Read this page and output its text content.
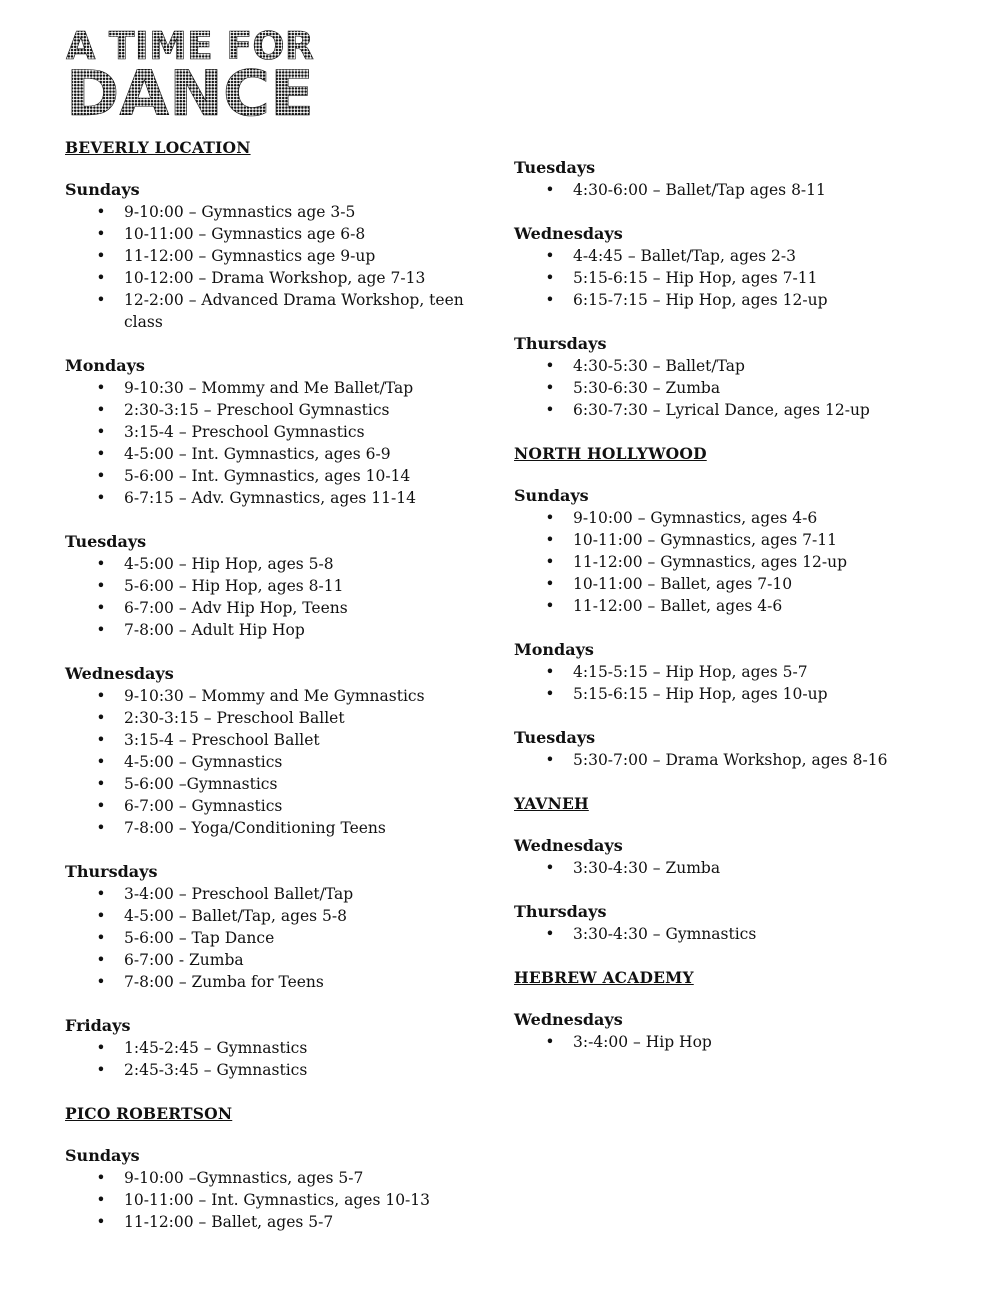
A TIME FOR
DANCE
BEVERLY LOCATION
Sundays
• 9-10:00 – Gymnastics age 3-5
• 10-11:00 – Gymnastics age 6-8
• 11-12:00 – Gymnastics age 9-up
• 10-12:00 – Drama Workshop, age 7-13
• 12-2:00 – Advanced Drama Workshop, teen class
Mondays
• 9-10:30 – Mommy and Me Ballet/Tap
• 2:30-3:15 – Preschool Gymnastics
• 3:15-4 – Preschool Gymnastics
• 4-5:00 – Int. Gymnastics, ages 6-9
• 5-6:00 – Int. Gymnastics, ages 10-14
• 6-7:15 – Adv. Gymnastics, ages 11-14
Tuesdays
• 4-5:00 – Hip Hop, ages 5-8
• 5-6:00 – Hip Hop, ages 8-11
• 6-7:00 – Adv Hip Hop, Teens
• 7-8:00 – Adult Hip Hop
Wednesdays
• 9-10:30 – Mommy and Me Gymnastics
• 2:30-3:15 – Preschool Ballet
• 3:15-4 – Preschool Ballet
• 4-5:00 – Gymnastics
• 5-6:00 –Gymnastics
• 6-7:00 – Gymnastics
• 7-8:00 – Yoga/Conditioning Teens
Thursdays
• 3-4:00 – Preschool Ballet/Tap
• 4-5:00 – Ballet/Tap, ages 5-8
• 5-6:00 – Tap Dance
• 6-7:00 - Zumba
• 7-8:00 – Zumba for Teens
Fridays
• 1:45-2:45 – Gymnastics
• 2:45-3:45 – Gymnastics
PICO ROBERTSON
Sundays
• 9-10:00 –Gymnastics, ages 5-7
• 10-11:00 – Int. Gymnastics, ages 10-13
• 11-12:00 – Ballet, ages 5-7
Tuesdays
• 4:30-6:00 – Ballet/Tap ages 8-11
Wednesdays
• 4-4:45 – Ballet/Tap, ages 2-3
• 5:15-6:15 – Hip Hop, ages 7-11
• 6:15-7:15 – Hip Hop, ages 12-up
Thursdays
• 4:30-5:30 – Ballet/Tap
• 5:30-6:30 – Zumba
• 6:30-7:30 – Lyrical Dance, ages 12-up
NORTH HOLLYWOOD
Sundays
• 9-10:00 – Gymnastics, ages 4-6
• 10-11:00 – Gymnastics, ages 7-11
• 11-12:00 – Gymnastics, ages 12-up
• 10-11:00 – Ballet, ages 7-10
• 11-12:00 – Ballet, ages 4-6
Mondays
• 4:15-5:15 – Hip Hop, ages 5-7
• 5:15-6:15 – Hip Hop, ages 10-up
Tuesdays
• 5:30-7:00 – Drama Workshop, ages 8-16
YAVNEH
Wednesdays
• 3:30-4:30 – Zumba
Thursdays
• 3:30-4:30 – Gymnastics
HEBREW ACADEMY
Wednesdays
• 3:-4:00 – Hip Hop
